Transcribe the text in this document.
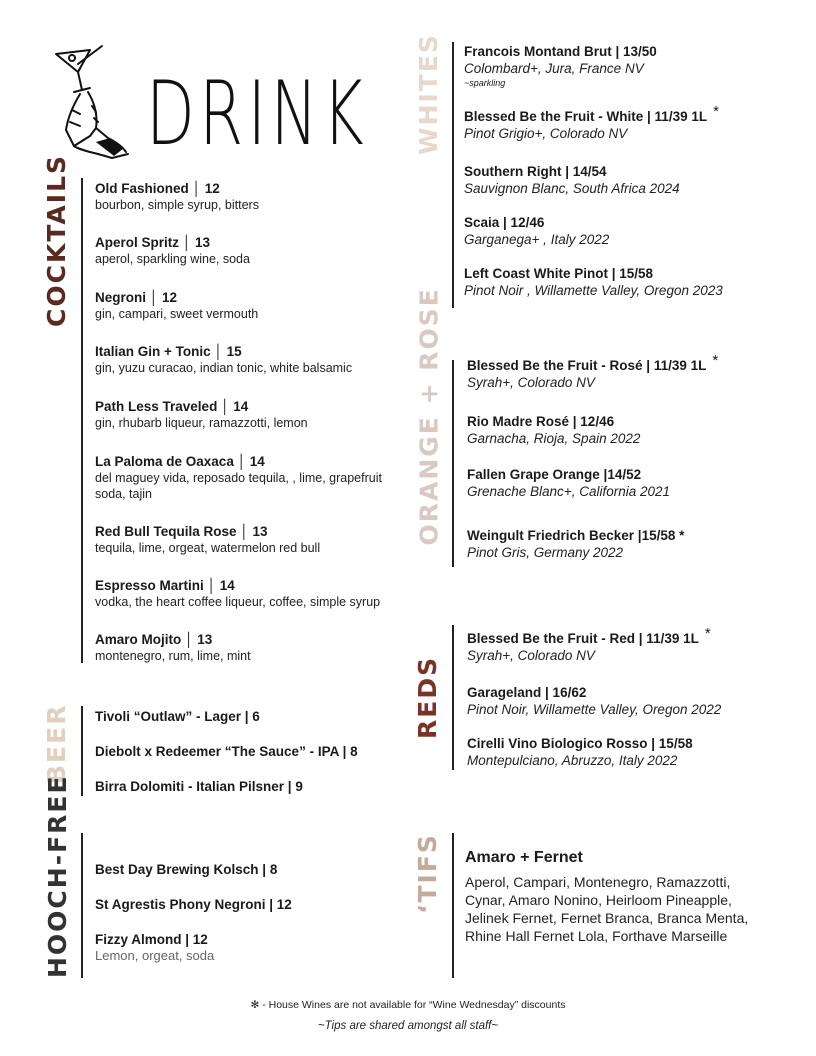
DRINK
COCKTAILS Old Fashioned │ 12
bourbon, simple syrup, bitters
Aperol Spritz │ 13
aperol, sparkling wine, soda
Negroni │ 12
gin, campari, sweet vermouth
Italian Gin + Tonic │ 15
gin, yuzu curacao, indian tonic, white balsamic
Path Less Traveled │ 14
gin, rhubarb liqueur, ramazzotti, lemon
La Paloma de Oaxaca │ 14
del maguey vida, reposado tequila, , lime, grapefruit soda, tajin
Red Bull Tequila Rose │ 13
tequila, lime, orgeat, watermelon red bull
Espresso Martini │ 14
vodka, the heart coffee liqueur, coffee, simple syrup
Amaro Mojito │ 13
montenegro, rum, lime, mint
BEER Tivoli “Outlaw” - Lager | 6
Diebolt x Redeemer “The Sauce” - IPA | 8
Birra Dolomiti - Italian Pilsner | 9
HOOCH-FREE Best Day Brewing Kolsch | 8
St Agrestis Phony Negroni | 12
Fizzy Almond | 12
Lemon, orgeat, soda
WHITES Francois Montand Brut | 13/50
Colombard+, Jura, France NV
~sparkling
Blessed Be the Fruit - White | 11/39 1L *
Pinot Grigio+, Colorado NV
Southern Right | 14/54
Sauvignon Blanc, South Africa 2024
Scaia | 12/46
Garganega+ , Italy 2022
Left Coast White Pinot | 15/58
Pinot Noir , Willamette Valley, Oregon 2023
ORANGE + ROSE Blessed Be the Fruit - Rosé | 11/39 1L *
Syrah+, Colorado NV
Rio Madre Rosé | 12/46
Garnacha, Rioja, Spain 2022
Fallen Grape Orange |14/52
Grenache Blanc+, California 2021
Weingult Friedrich Becker |15/58 *
Pinot Gris, Germany 2022
REDS
Blessed Be the Fruit - Red | 11/39 1L *
Syrah+, Colorado NV
Garageland | 16/62
Pinot Noir, Willamette Valley, Oregon 2022
Cirelli Vino Biologico Rosso | 15/58
Montepulciano, Abruzzo, Italy 2022
‘TIFS Amaro + Fernet
Aperol, Campari, Montenegro, Ramazzotti, Cynar, Amaro Nonino, Heirloom Pineapple, Jelinek Fernet, Fernet Branca, Branca Menta, Rhine Hall Fernet Lola, Forthave Marseille
✻ - House Wines are not available for “Wine Wednesday” discounts
~Tips are shared amongst all staff~
